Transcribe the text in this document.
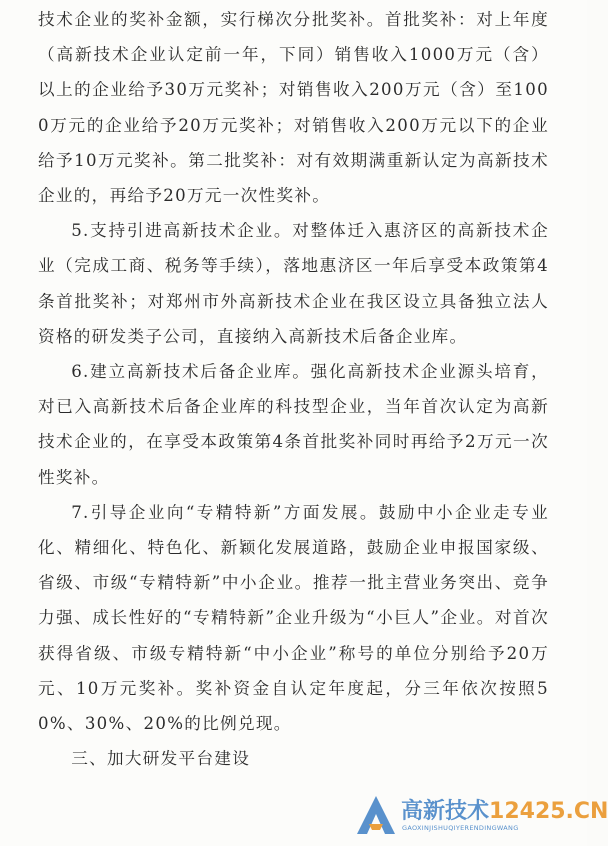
技术企业的奖补金额，实行梯次分批奖补。首批奖补：对上年度（高新技术企业认定前一年，下同）销售收入1000万元（含）以上的企业给予30万元奖补；对销售收入200万元（含）至1000万元的企业给予20万元奖补；对销售收入200万元以下的企业给予10万元奖补。第二批奖补：对有效期满重新认定为高新技术企业的，再给予20万元一次性奖补。

5.支持引进高新技术企业。对整体迁入惠济区的高新技术企业（完成工商、税务等手续），落地惠济区一年后享受本政策第4条首批奖补；对郑州市外高新技术企业在我区设立具备独立法人资格的研发类子公司，直接纳入高新技术后备企业库。

6.建立高新技术后备企业库。强化高新技术企业源头培育，对已入高新技术后备企业库的科技型企业，当年首次认定为高新技术企业的，在享受本政策第4条首批奖补同时再给予2万元一次性奖补。

7.引导企业向“专精特新”方面发展。鼓励中小企业走专业化、精细化、特色化、新颖化发展道路，鼓励企业申报国家级、省级、市级“专精特新”中小企业。推荐一批主营业务突出、竞争力强、成长性好的“专精特新”企业升级为“小巨人”企业。对首次获得省级、市级专精特新“中小企业”称号的单位分别给予20万元、10万元奖补。奖补资金自认定年度起，分三年依次按照50%、30%、20%的比例兑现。

三、加大研发平台建设

高新技术12425.CN
GAOXINJISHUQIYERENDINGWANG
